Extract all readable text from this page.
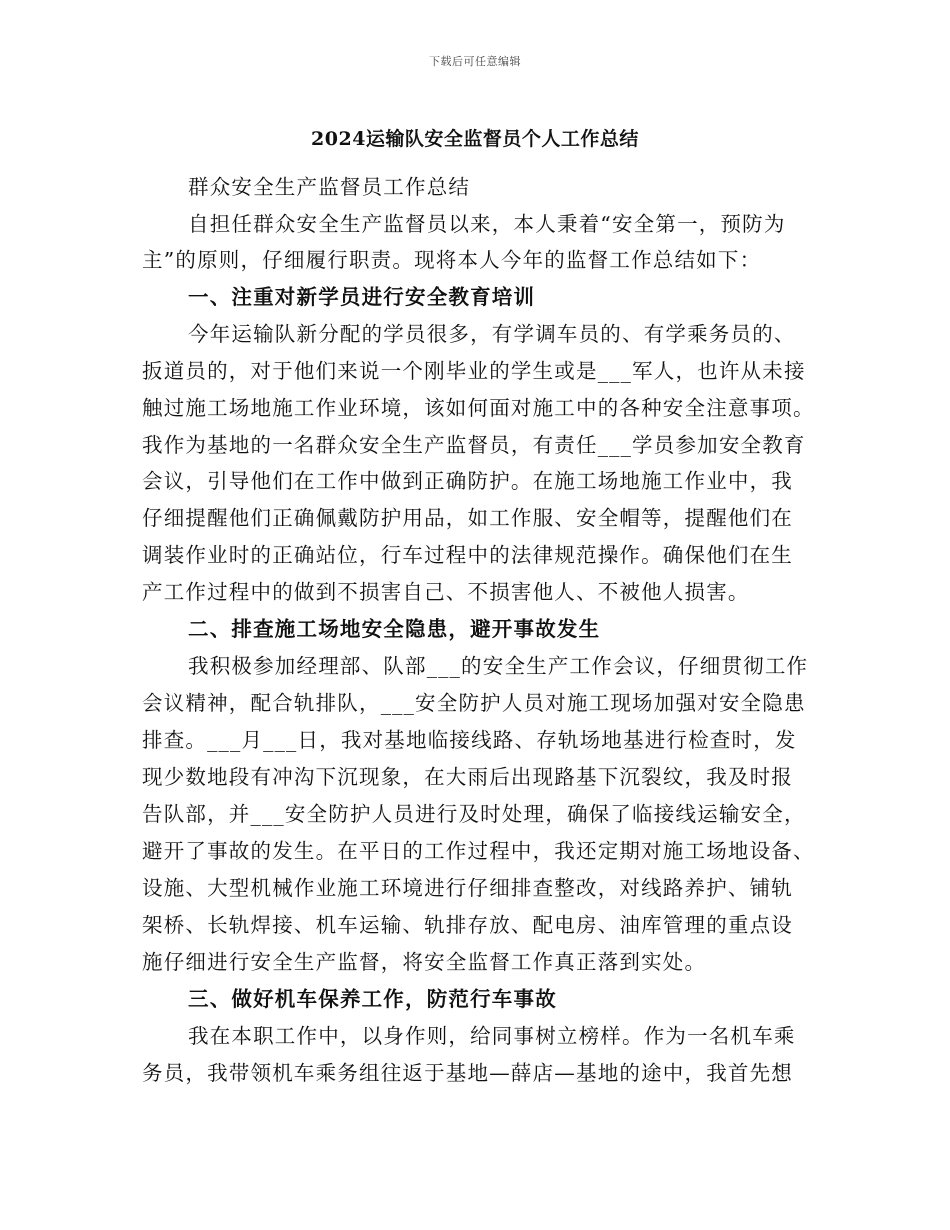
下载后可任意编辑
2024运输队安全监督员个人工作总结
群众安全生产监督员工作总结
自担任群众安全生产监督员以来，本人秉着“安全第一，预防为
主”的原则，仔细履行职责。现将本人今年的监督工作总结如下：
一、注重对新学员进行安全教育培训
今年运输队新分配的学员很多，有学调车员的、有学乘务员的、
扳道员的，对于他们来说一个刚毕业的学生或是___军人，也许从未接
触过施工场地施工作业环境，该如何面对施工中的各种安全注意事项。
我作为基地的一名群众安全生产监督员，有责任___学员参加安全教育
会议，引导他们在工作中做到正确防护。在施工场地施工作业中，我
仔细提醒他们正确佩戴防护用品，如工作服、安全帽等，提醒他们在
调装作业时的正确站位，行车过程中的法律规范操作。确保他们在生
产工作过程中的做到不损害自己、不损害他人、不被他人损害。
二、排查施工场地安全隐患，避开事故发生
我积极参加经理部、队部___的安全生产工作会议，仔细贯彻工作
会议精神，配合轨排队，___安全防护人员对施工现场加强对安全隐患
排查。___月___日，我对基地临接线路、存轨场地基进行检查时，发
现少数地段有冲沟下沉现象，在大雨后出现路基下沉裂纹，我及时报
告队部，并___安全防护人员进行及时处理，确保了临接线运输安全，
避开了事故的发生。在平日的工作过程中，我还定期对施工场地设备、
设施、大型机械作业施工环境进行仔细排查整改，对线路养护、铺轨
架桥、长轨焊接、机车运输、轨排存放、配电房、油库管理的重点设
施仔细进行安全生产监督，将安全监督工作真正落到实处。
三、做好机车保养工作，防范行车事故
我在本职工作中，以身作则，给同事树立榜样。作为一名机车乘
务员，我带领机车乘务组往返于基地—薛店—基地的途中，我首先想
